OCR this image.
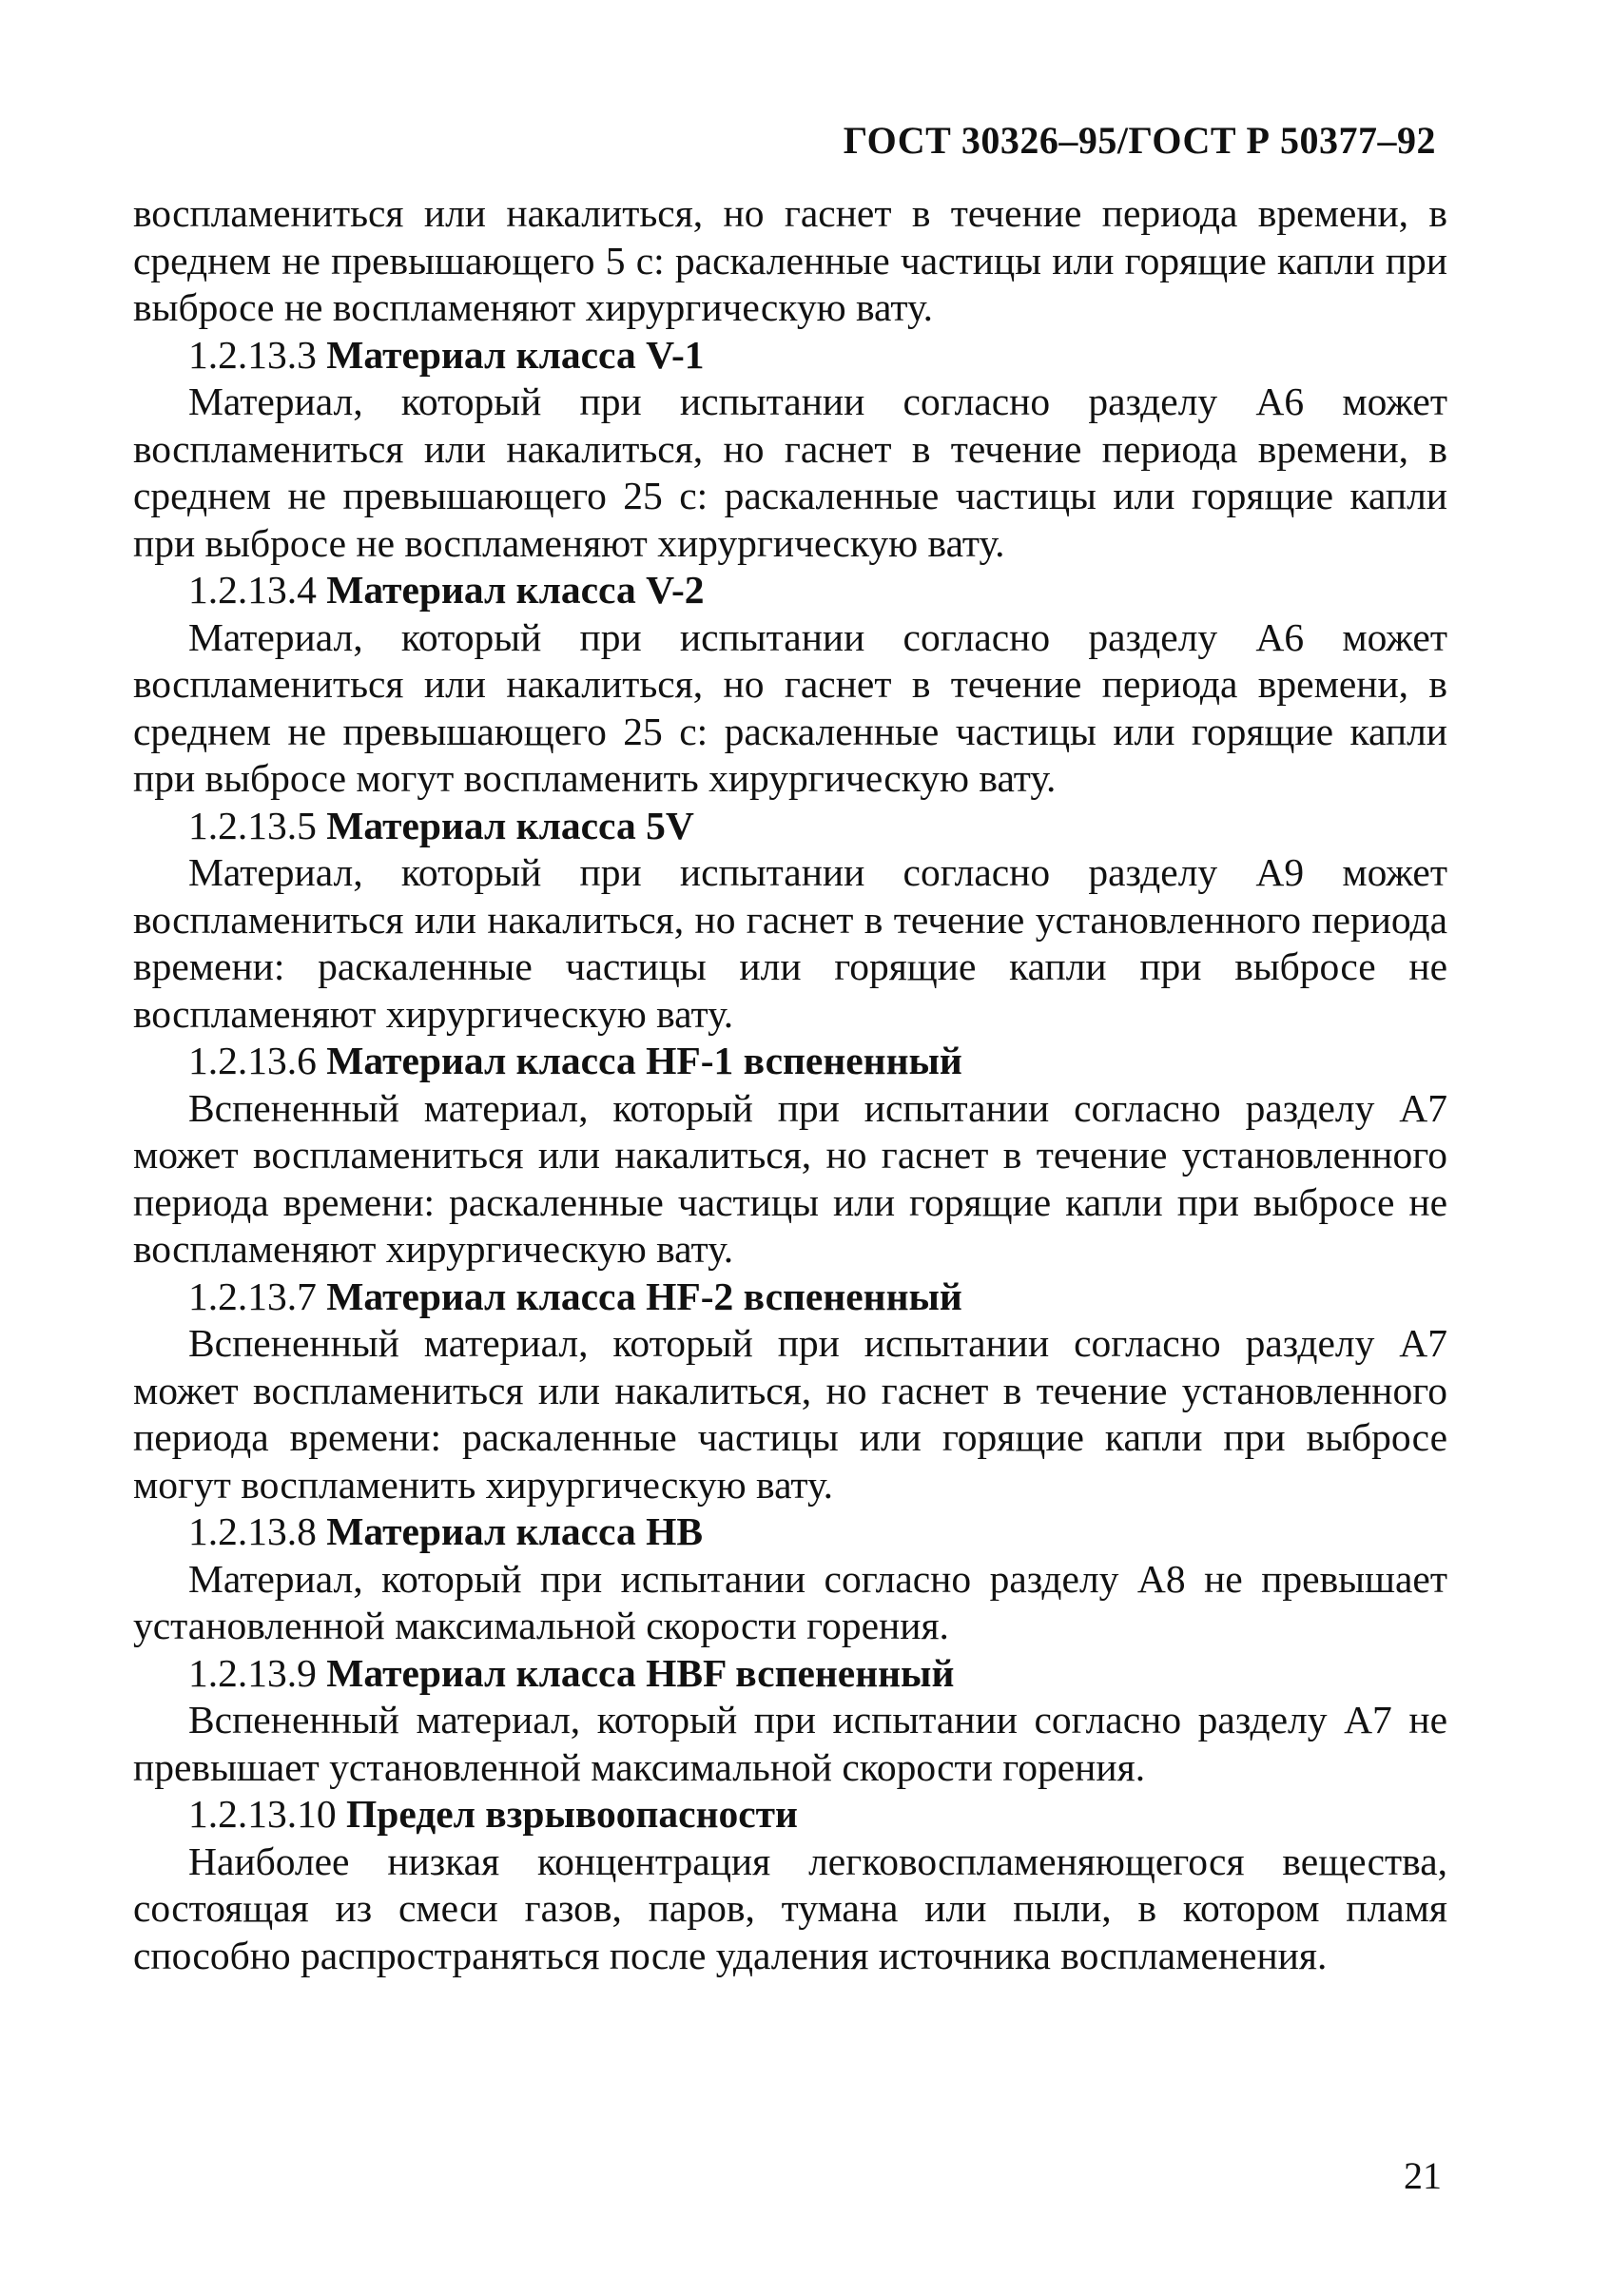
ГОСТ 30326–95/ГОСТ Р 50377–92

воспламениться или накалиться, но гаснет в течение периода времени, в среднем не превышающего 5 с: раскаленные частицы или горящие капли при выбросе не воспламеняют хирургическую вату.

1.2.13.3 Материал класса V-1

Материал, который при испытании согласно разделу А6 может воспламениться или накалиться, но гаснет в течение периода времени, в среднем не превышающего 25 с: раскаленные частицы или горящие капли при выбросе не воспламеняют хирургическую вату.

1.2.13.4 Материал класса V-2

Материал, который при испытании согласно разделу А6 может воспламениться или накалиться, но гаснет в течение периода времени, в среднем не превышающего 25 с: раскаленные частицы или горящие капли при выбросе могут воспламенить хирургическую вату.

1.2.13.5 Материал класса 5V

Материал, который при испытании согласно разделу А9 может воспламениться или накалиться, но гаснет в течение установленного периода времени: раскаленные частицы или горящие капли при выбросе не воспламеняют хирургическую вату.

1.2.13.6 Материал класса HF-1 вспененный

Вспененный материал, который при испытании согласно разделу А7 может воспламениться или накалиться, но гаснет в течение установленного периода времени: раскаленные частицы или горящие капли при выбросе не воспламеняют хирургическую вату.

1.2.13.7 Материал класса HF-2 вспененный

Вспененный материал, который при испытании согласно разделу А7 может воспламениться или накалиться, но гаснет в течение установленного периода времени: раскаленные частицы или горящие капли при выбросе могут воспламенить хирургическую вату.

1.2.13.8 Материал класса HB

Материал, который при испытании согласно разделу А8 не превышает установленной максимальной скорости горения.

1.2.13.9 Материал класса HBF вспененный

Вспененный материал, который при испытании согласно разделу А7 не превышает установленной максимальной скорости горения.

1.2.13.10 Предел взрывоопасности

Наиболее низкая концентрация легковоспламеняющегося вещества, состоящая из смеси газов, паров, тумана или пыли, в котором пламя способно распространяться после удаления источника воспламенения.

21
